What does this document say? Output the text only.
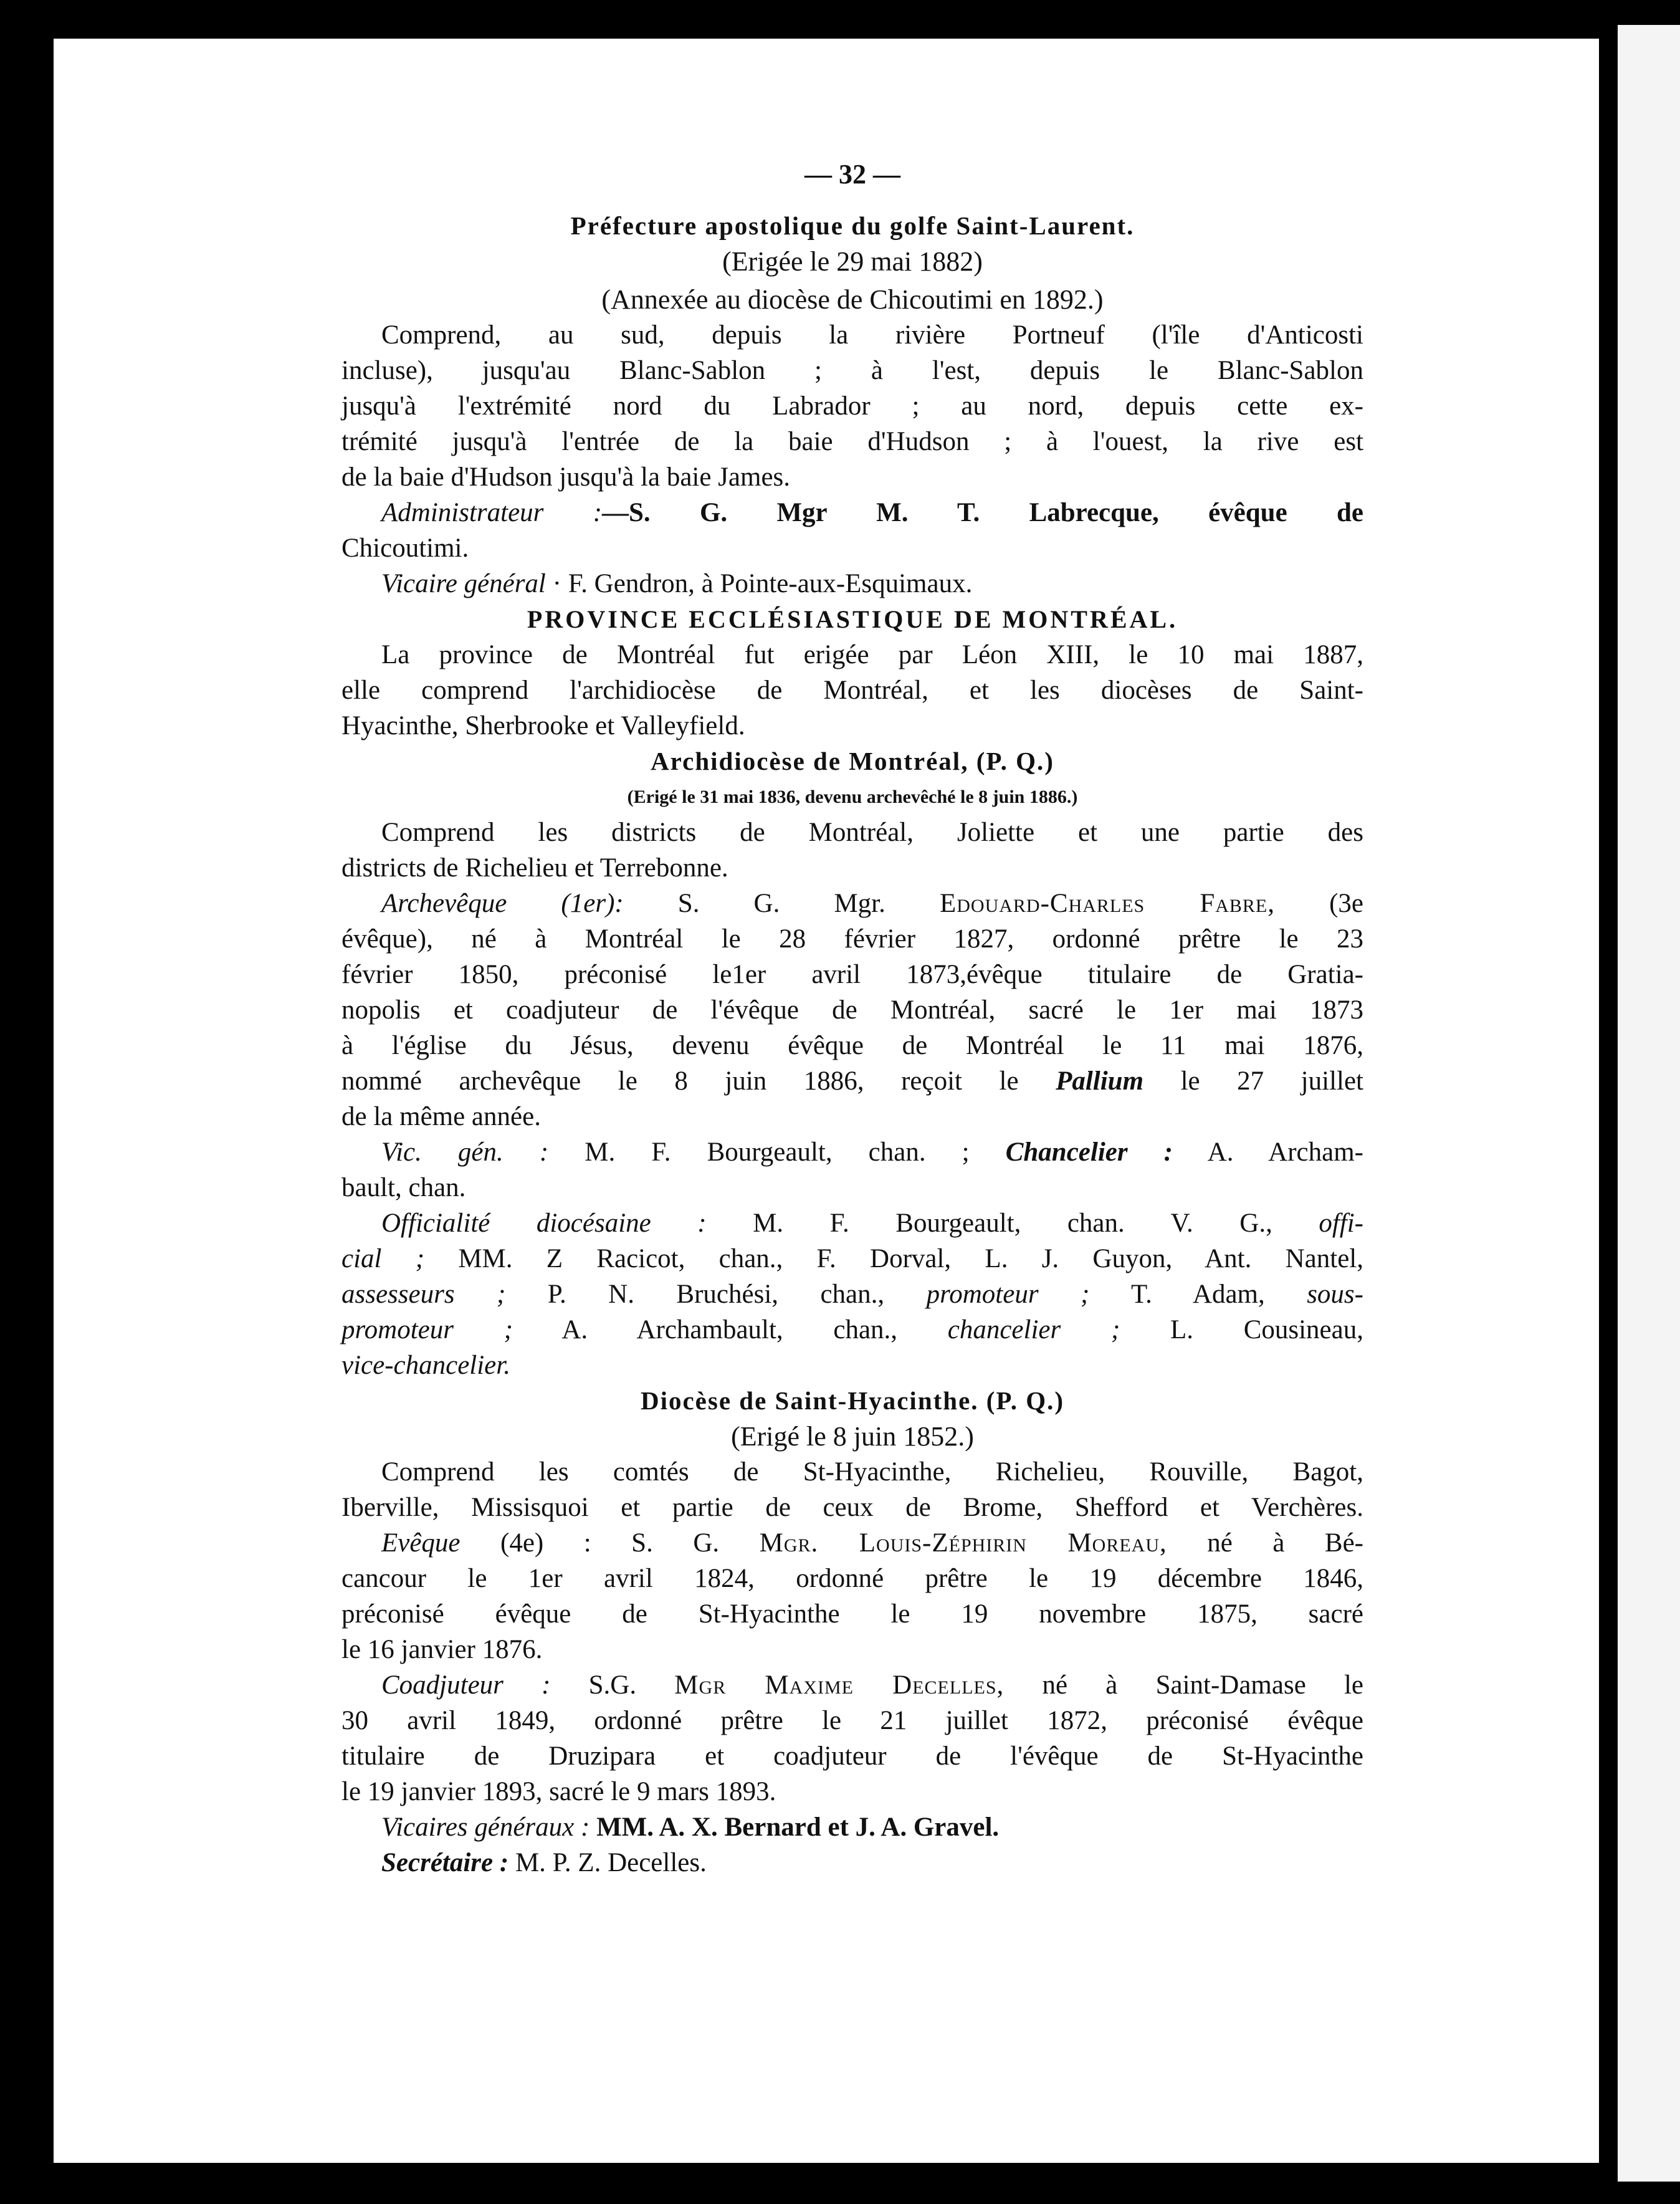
— 32 —
Préfecture apostolique du golfe Saint-Laurent.
(Erigée le 29 mai 1882)
(Annexée au diocèse de Chicoutimi en 1892.)
Comprend, au sud, depuis la rivière Portneuf (l'île d'Anticosti
incluse), jusqu'au Blanc-Sablon ; à l'est, depuis le Blanc-Sablon
jusqu'à l'extrémité nord du Labrador ; au nord, depuis cette ex-
trémité jusqu'à l'entrée de la baie d'Hudson ; à l'ouest, la rive est
de la baie d'Hudson jusqu'à la baie James.
Administrateur :—S. G. Mgr M. T. Labrecque, évêque de
Chicoutimi.
Vicaire général · F. Gendron, à Pointe-aux-Esquimaux.
PROVINCE ECCLÉSIASTIQUE DE MONTRÉAL.
La province de Montréal fut erigée par Léon XIII, le 10 mai 1887,
elle comprend l'archidiocèse de Montréal, et les diocèses de Saint-
Hyacinthe, Sherbrooke et Valleyfield.
Archidiocèse de Montréal, (P. Q.)
(Erigé le 31 mai 1836, devenu archevêché le 8 juin 1886.)
Comprend les districts de Montréal, Joliette et une partie des
districts de Richelieu et Terrebonne.
Archevêque (1er): S. G. Mgr. Edouard-Charles Fabre, (3e
évêque), né à Montréal le 28 février 1827, ordonné prêtre le 23
février 1850, préconisé le1er avril 1873,évêque titulaire de Gratia-
nopolis et coadjuteur de l'évêque de Montréal, sacré le 1er mai 1873
à l'église du Jésus, devenu évêque de Montréal le 11 mai 1876,
nommé archevêque le 8 juin 1886, reçoit le Pallium le 27 juillet
de la même année.
Vic. gén. : M. F. Bourgeault, chan. ; Chancelier : A. Archam-
bault, chan.
Officialité diocésaine : M. F. Bourgeault, chan. V. G., offi-
cial ; MM. Z Racicot, chan., F. Dorval, L. J. Guyon, Ant. Nantel,
assesseurs ; P. N. Bruchési, chan., promoteur ; T. Adam, sous-
promoteur ; A. Archambault, chan., chancelier ; L. Cousineau,
vice-chancelier.
Diocèse de Saint-Hyacinthe. (P. Q.)
(Erigé le 8 juin 1852.)
Comprend les comtés de St-Hyacinthe, Richelieu, Rouville, Bagot,
Iberville, Missisquoi et partie de ceux de Brome, Shefford et Verchères.
Evêque (4e) : S. G. Mgr. Louis-Zéphirin Moreau, né à Bé-
cancour le 1er avril 1824, ordonné prêtre le 19 décembre 1846,
préconisé évêque de St-Hyacinthe le 19 novembre 1875, sacré
le 16 janvier 1876.
Coadjuteur : S.G. Mgr Maxime Decelles, né à Saint-Damase le
30 avril 1849, ordonné prêtre le 21 juillet 1872, préconisé évêque
titulaire de Druzipara et coadjuteur de l'évêque de St-Hyacinthe
le 19 janvier 1893, sacré le 9 mars 1893.
Vicaires généraux : MM. A. X. Bernard et J. A. Gravel.
Secrétaire : M. P. Z. Decelles.
